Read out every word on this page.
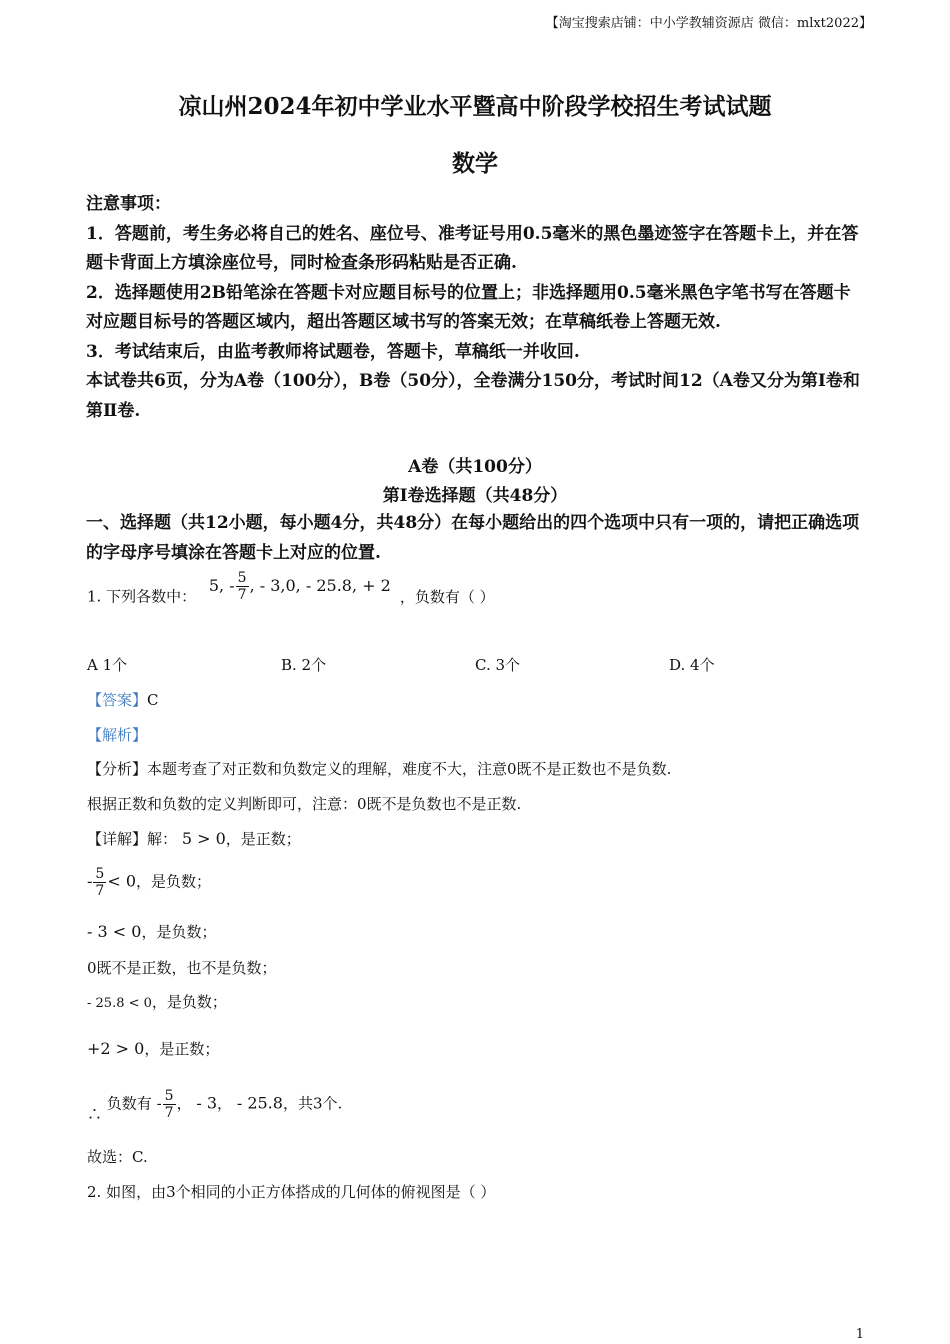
【淘宝搜索店铺：中小学教辅资源店 微信：mlxt2022】
凉山州2024年初中学业水平暨高中阶段学校招生考试试题
数学

注意事项：

1．答题前，考生务必将自己的姓名、座位号、准考证号用0.5毫米的黑色墨迹签字在答题卡上，并在答题卡背面上方填涂座位号，同时检查条形码粘贴是否正确.

2．选择题使用2B铅笔涂在答题卡对应题目标号的位置上；非选择题用0.5毫米黑色字笔书写在答题卡对应题目标号的答题区域内，超出答题区域书写的答案无效；在草稿纸卷上答题无效.

3．考试结束后，由监考教师将试题卷，答题卡，草稿纸一并收回.

本试卷共6页，分为A卷（100分），B卷（50分），全卷满分150分，考试时间12（A卷又分为第Ⅰ卷和第Ⅱ卷.

A卷（共100分）
第Ⅰ卷选择题（共48分）
一、选择题（共12小题，每小题4分，共48分）在每小题给出的四个选项中只有一项的，请把正确选项的字母序号填涂在答题卡上对应的位置.
1. 下列各数中： 5, - $\frac{5}{7}$ , - 3,0, - 25.8, + 2 ，负数有（ ）
A 1个	B. 2个	C. 3个	D. 4个
【答案】C
【解析】
【分析】本题考查了对正数和负数定义的理解，难度不大，注意0既不是正数也不是负数.
根据正数和负数的定义判断即可，注意：0既不是负数也不是正数.
【详解】解： 5 > 0，是正数；
- $\frac{5}{7} < 0$，是负数；
- 3 < 0，是负数；
0既不是正数，也不是负数；
- 25.8 < 0，是负数；
+2 > 0，是正数；
∴ 负数有 - $\frac{5}{7}$ ， - 3， - 25.8，共3个.
故选：C.
2. 如图，由3个相同的小正方体搭成的几何体的俯视图是（ ）
1
